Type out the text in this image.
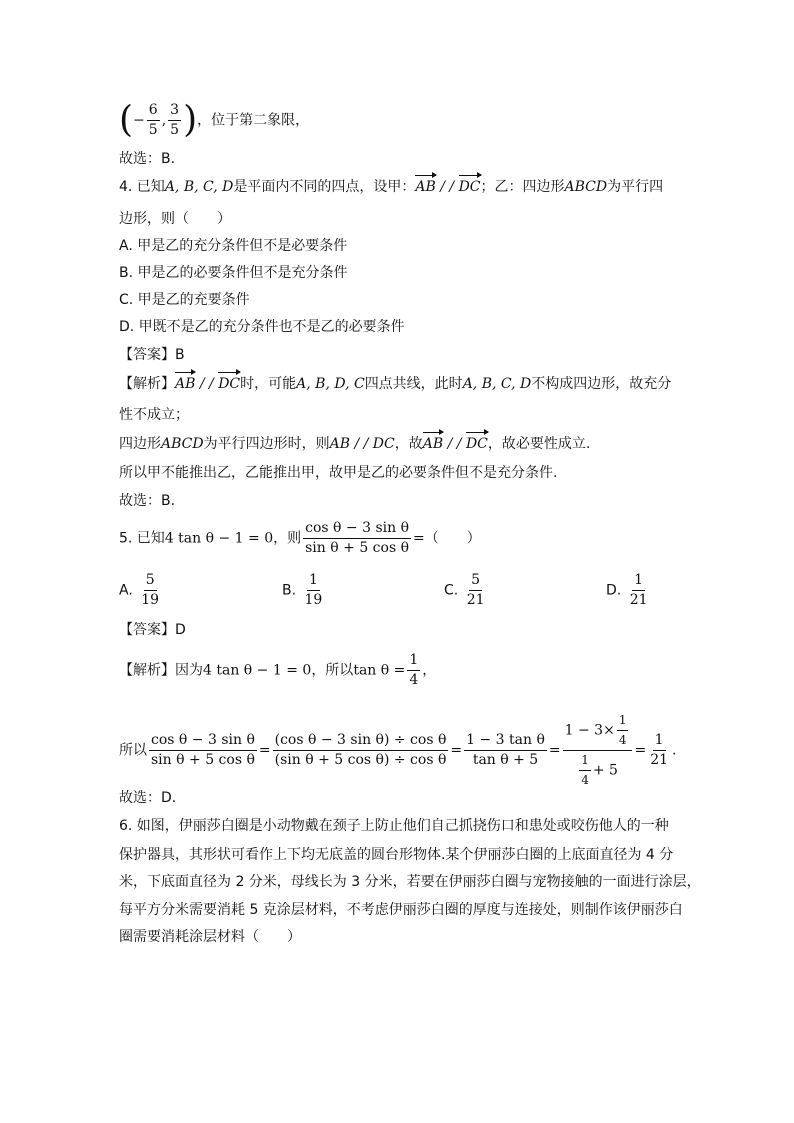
(− $\frac{6}{5}$ , $\frac{3}{5}$ )，位于第二象限，
故选：B.
4. 已知A, B, C, D是平面内不同的四点，设甲：AB / / DC；乙：四边形ABCD为平行四
边形，则（　　）
A. 甲是乙的充分条件但不是必要条件
B. 甲是乙的必要条件但不是充分条件
C. 甲是乙的充要条件
D. 甲既不是乙的充分条件也不是乙的必要条件
【答案】B
【解析】AB / / DC时，可能A, B, D, C四点共线，此时A, B, C, D不构成四边形，故充分
性不成立；
四边形ABCD为平行四边形时，则AB / / DC，故AB / / DC，故必要性成立.
所以甲不能推出乙，乙能推出甲，故甲是乙的必要条件但不是充分条件.
故选：B.
5. 已知4 tan θ − 1 = 0，则 $\frac{\text{cos θ − 3 sin θ}}{\text{sin θ + 5 cos θ}}$ =（　　）
A. $\frac{5}{19}$	B. $\frac{1}{19}$	C. $\frac{5}{21}$	D. $\frac{1}{21}$
【答案】D
【解析】因为4 tan θ − 1 = 0，所以$\tan \theta = \frac{1}{4}$ ，
所以 $\frac{\text{cos θ − 3 sin θ}}{\text{sin θ + 5 cos θ}} = \frac{\text{(cos θ − 3 sin θ) ÷ cos θ}}{\text{(sin θ + 5 cos θ) ÷ cos θ}} = \frac{\text{1 − 3 tan θ}}{\text{tan θ + 5}} = \frac{1 - 3\times \frac{1}{4}}{\frac{1}{4} + 5} = \frac{1}{21}$ .
故选：D.
6. 如图，伊丽莎白圈是小动物戴在颈子上防止他们自己抓挠伤口和患处或咬伤他人的一种
保护器具，其形状可看作上下均无底盖的圆台形物体.某个伊丽莎白圈的上底面直径为 4 分
米，下底面直径为 2 分米，母线长为 3 分米，若要在伊丽莎白圈与宠物接触的一面进行涂层，
每平方分米需要消耗 5 克涂层材料，不考虑伊丽莎白圈的厚度与连接处，则制作该伊丽莎白
圈需要消耗涂层材料（　　）
